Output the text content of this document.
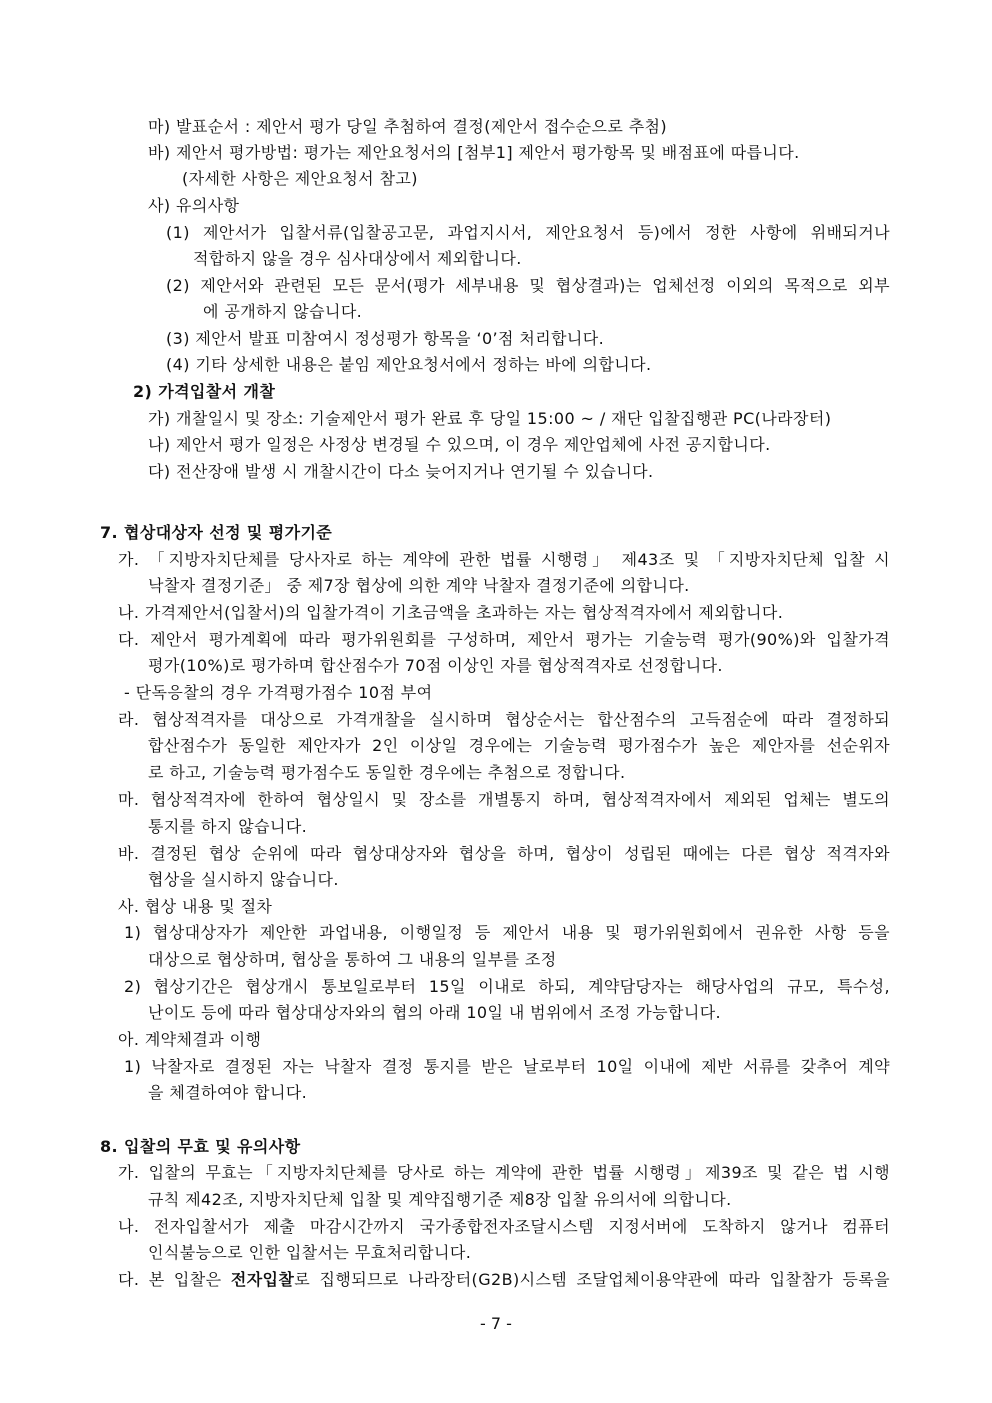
마) 발표순서 : 제안서 평가 당일 추첨하여 결정(제안서 접수순으로 추첨)
바) 제안서 평가방법: 평가는 제안요청서의 [첨부1] 제안서 평가항목 및 배점표에 따릅니다.
(자세한 사항은 제안요청서 참고)
사) 유의사항
(1) 제안서가 입찰서류(입찰공고문, 과업지시서, 제안요청서 등)에서 정한 사항에 위배되거나
적합하지 않을 경우 심사대상에서 제외합니다.
(2) 제안서와 관련된 모든 문서(평가 세부내용 및 협상결과)는 업체선정 이외의 목적으로 외부
에 공개하지 않습니다.
(3) 제안서 발표 미참여시 정성평가 항목을 ‘0’점 처리합니다.
(4) 기타 상세한 내용은 붙임 제안요청서에서 정하는 바에 의합니다.
2) 가격입찰서 개찰
가) 개찰일시 및 장소: 기술제안서 평가 완료 후 당일 15:00 ~ / 재단 입찰집행관 PC(나라장터)
나) 제안서 평가 일정은 사정상 변경될 수 있으며, 이 경우 제안업체에 사전 공지합니다.
다) 전산장애 발생 시 개찰시간이 다소 늦어지거나 연기될 수 있습니다.
7. 협상대상자 선정 및 평가기준
가. 「지방자치단체를 당사자로 하는 계약에 관한 법률 시행령」 제43조 및 「지방자치단체 입찰 시
낙찰자 결정기준」 중 제7장 협상에 의한 계약 낙찰자 결정기준에 의합니다.
나. 가격제안서(입찰서)의 입찰가격이 기초금액을 초과하는 자는 협상적격자에서 제외합니다.
다. 제안서 평가계획에 따라 평가위원회를 구성하며, 제안서 평가는 기술능력 평가(90%)와 입찰가격
평가(10%)로 평가하며 합산점수가 70점 이상인 자를 협상적격자로 선정합니다.
- 단독응찰의 경우 가격평가점수 10점 부여
라. 협상적격자를 대상으로 가격개찰을 실시하며 협상순서는 합산점수의 고득점순에 따라 결정하되
합산점수가 동일한 제안자가 2인 이상일 경우에는 기술능력 평가점수가 높은 제안자를 선순위자
로 하고, 기술능력 평가점수도 동일한 경우에는 추첨으로 정합니다.
마. 협상적격자에 한하여 협상일시 및 장소를 개별통지 하며, 협상적격자에서 제외된 업체는 별도의
통지를 하지 않습니다.
바. 결정된 협상 순위에 따라 협상대상자와 협상을 하며, 협상이 성립된 때에는 다른 협상 적격자와
협상을 실시하지 않습니다.
사. 협상 내용 및 절차
1) 협상대상자가 제안한 과업내용, 이행일정 등 제안서 내용 및 평가위원회에서 권유한 사항 등을
대상으로 협상하며, 협상을 통하여 그 내용의 일부를 조정
2) 협상기간은 협상개시 통보일로부터 15일 이내로 하되, 계약담당자는 해당사업의 규모, 특수성,
난이도 등에 따라 협상대상자와의 협의 아래 10일 내 범위에서 조정 가능합니다.
아. 계약체결과 이행
1) 낙찰자로 결정된 자는 낙찰자 결정 통지를 받은 날로부터 10일 이내에 제반 서류를 갖추어 계약
을 체결하여야 합니다.
8. 입찰의 무효 및 유의사항
가. 입찰의 무효는「지방자치단체를 당사로 하는 계약에 관한 법률 시행령」제39조 및 같은 법 시행
규칙 제42조, 지방자치단체 입찰 및 계약집행기준 제8장 입찰 유의서에 의합니다.
나. 전자입찰서가 제출 마감시간까지 국가종합전자조달시스템 지정서버에 도착하지 않거나 컴퓨터
인식불능으로 인한 입찰서는 무효처리합니다.
다. 본 입찰은 전자입찰로 집행되므로 나라장터(G2B)시스템 조달업체이용약관에 따라 입찰참가 등록을
- 7 -
